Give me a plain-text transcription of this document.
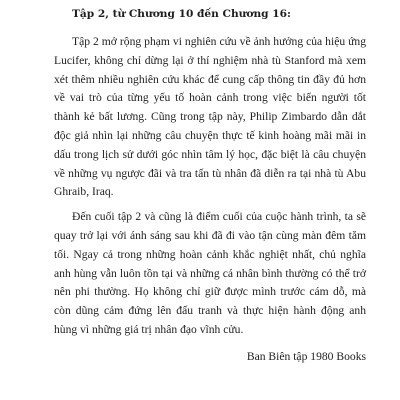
Tập 2, từ Chương 10 đến Chương 16:

Tập 2 mở rộng phạm vi nghiên cứu về ảnh hưởng của hiệu ứng Lucifer, không chỉ dừng lại ở thí nghiệm nhà tù Stanford mà xem xét thêm nhiều nghiên cứu khác để cung cấp thông tin đầy đủ hơn về vai trò của từng yếu tố hoàn cảnh trong việc biến người tốt thành kẻ bất lương. Cũng trong tập này, Philip Zimbardo dẫn dắt độc giả nhìn lại những câu chuyện thực tế kinh hoàng mãi mãi in dấu trong lịch sử dưới góc nhìn tâm lý học, đặc biệt là câu chuyện về những vụ ngược đãi và tra tấn tù nhân đã diễn ra tại nhà tù Abu Ghraib, Iraq.

Đến cuối tập 2 và cũng là điểm cuối của cuộc hành trình, ta sẽ quay trở lại với ánh sáng sau khi đã đi vào tận cùng màn đêm tăm tối. Ngay cả trong những hoàn cảnh khắc nghiệt nhất, chủ nghĩa anh hùng vẫn luôn tồn tại và những cá nhân bình thường có thể trở nên phi thường. Họ không chỉ giữ được mình trước cám dỗ, mà còn dũng cảm đứng lên đấu tranh và thực hiện hành động anh hùng vì những giá trị nhân đạo vĩnh cửu.

Ban Biên tập 1980 Books
